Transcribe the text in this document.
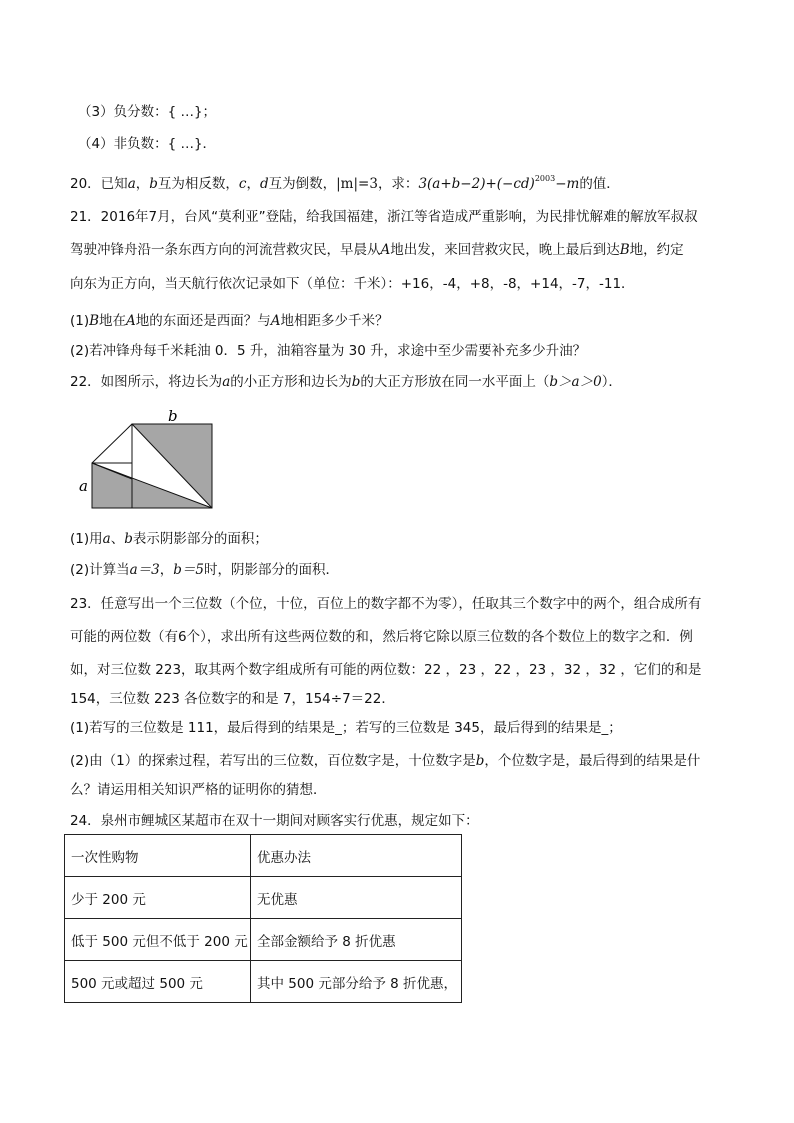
（3）负分数：{ …}；
（4）非负数：{ …}．
20．已知a，b互为相反数，c，d互为倒数，|m|=3，求：$3(a+b-2)+(-cd)^{2003}-m$的值．
21．2016年7月，台风“莫利亚”登陆，给我国福建，浙江等省造成严重影响，为民排忧解难的解放军叔叔
驾驶冲锋舟沿一条东西方向的河流营救灾民，早晨从A地出发，来回营救灾民，晚上最后到达B地，约定
向东为正方向，当天航行依次记录如下（单位：千米）：+16，-4，+8，-8，+14，-7，-11．
(1)B地在A地的东面还是西面？与A地相距多少千米？
(2)若冲锋舟每千米耗油 0．5 升，油箱容量为 30 升，求途中至少需要补充多少升油？
22．如图所示，将边长为a的小正方形和边长为b的大正方形放在同一水平面上（b＞a＞0）．
b
a
(1)用a、b表示阴影部分的面积；
(2)计算当a＝3，b＝5时，阴影部分的面积．
23．任意写出一个三位数（个位，十位，百位上的数字都不为零），任取其三个数字中的两个，组合成所有
可能的两位数（有6个），求出所有这些两位数的和，然后将它除以原三位数的各个数位上的数字之和．例
如，对三位数 223，取其两个数字组成所有可能的两位数：22 ，23 ，22 ，23 ，32 ，32 ，它们的和是
154，三位数 223 各位数字的和是 7，154÷7＝22．
(1)若写的三位数是 111，最后得到的结果是_；若写的三位数是 345，最后得到的结果是_；
(2)由（1）的探索过程，若写出的三位数，百位数字是，十位数字是b，个位数字是，最后得到的结果是什
么？请运用相关知识严格的证明你的猜想．
24．泉州市鲤城区某超市在双十一期间对顾客实行优惠，规定如下：
一次性购物	优惠办法
少于 200 元	无优惠
低于 500 元但不低于 200 元	全部金额给予 8 折优惠
500 元或超过 500 元	其中 500 元部分给予 8 折优惠，
